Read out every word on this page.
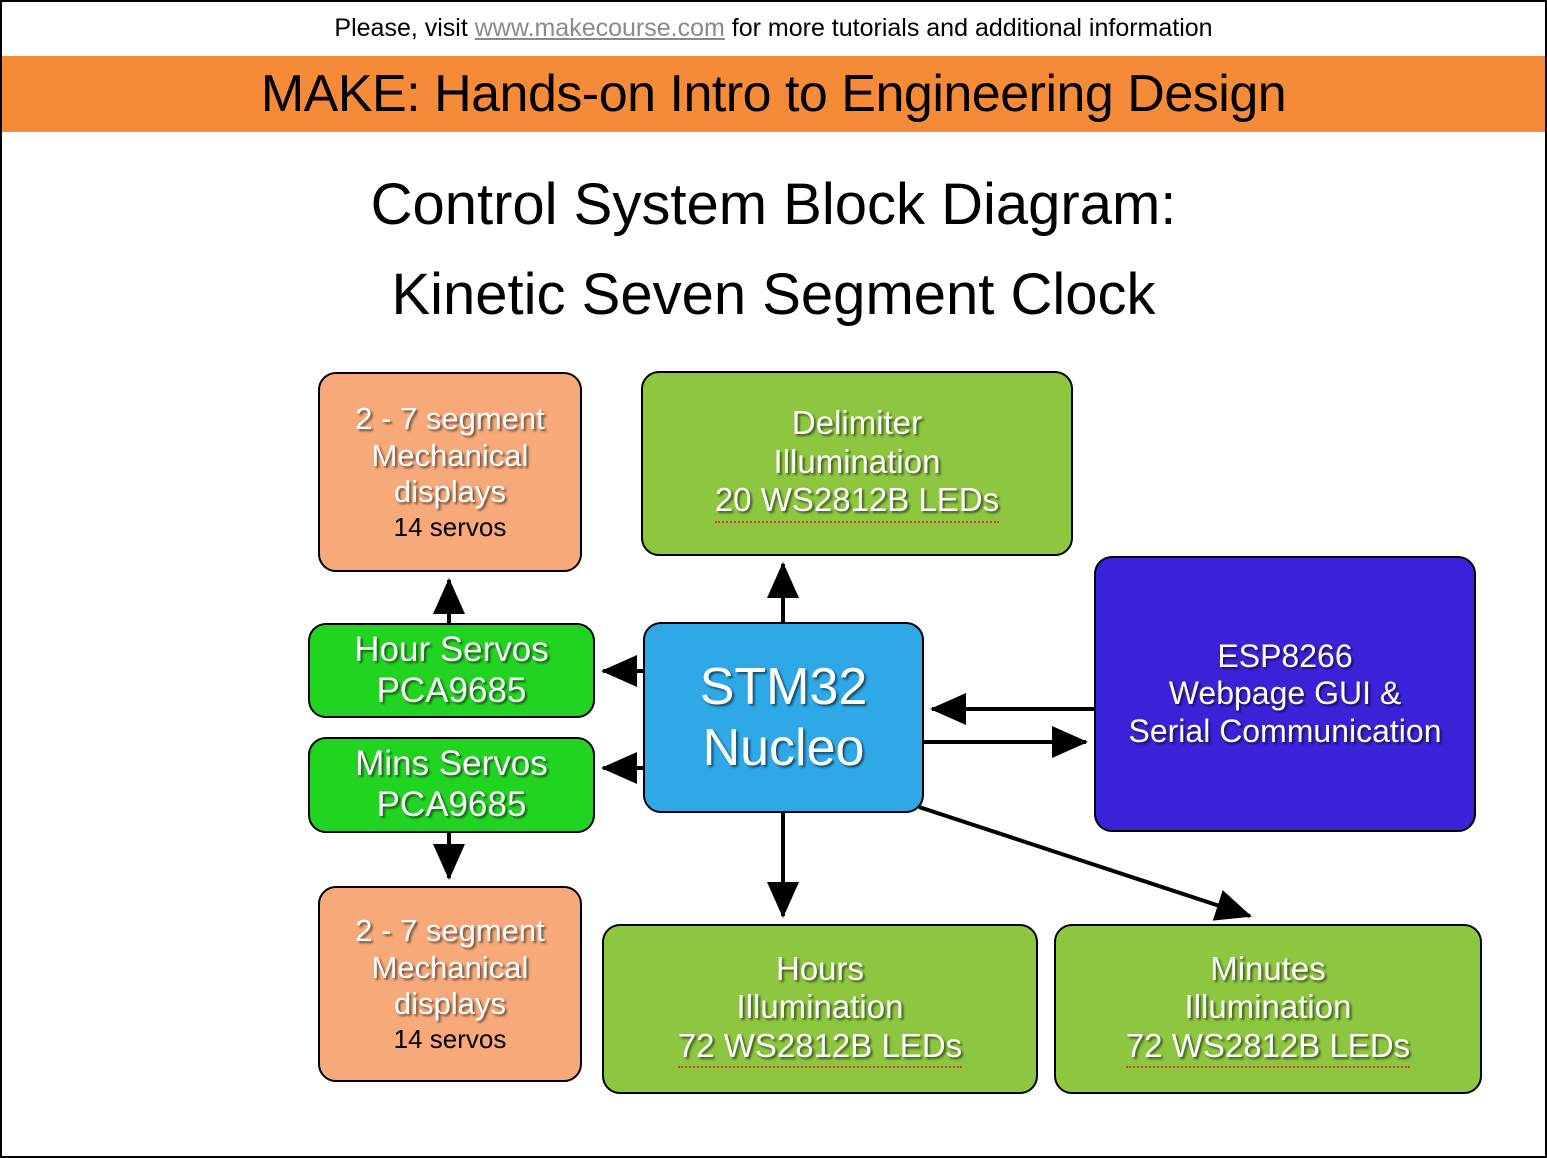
Please, visit www.makecourse.com for more tutorials and additional information
MAKE: Hands-on Intro to Engineering Design
Control System Block Diagram:
Kinetic Seven Segment Clock
2 - 7 segment
Mechanical
displays
14 servos
Delimiter
Illumination
20 WS2812B LEDs
Hour Servos
PCA9685
Mins Servos
PCA9685
STM32
Nucleo
ESP8266
Webpage GUI &
Serial Communication
2 - 7 segment
Mechanical
displays
14 servos
Hours
Illumination
72 WS2812B LEDs
Minutes
Illumination
72 WS2812B LEDs
